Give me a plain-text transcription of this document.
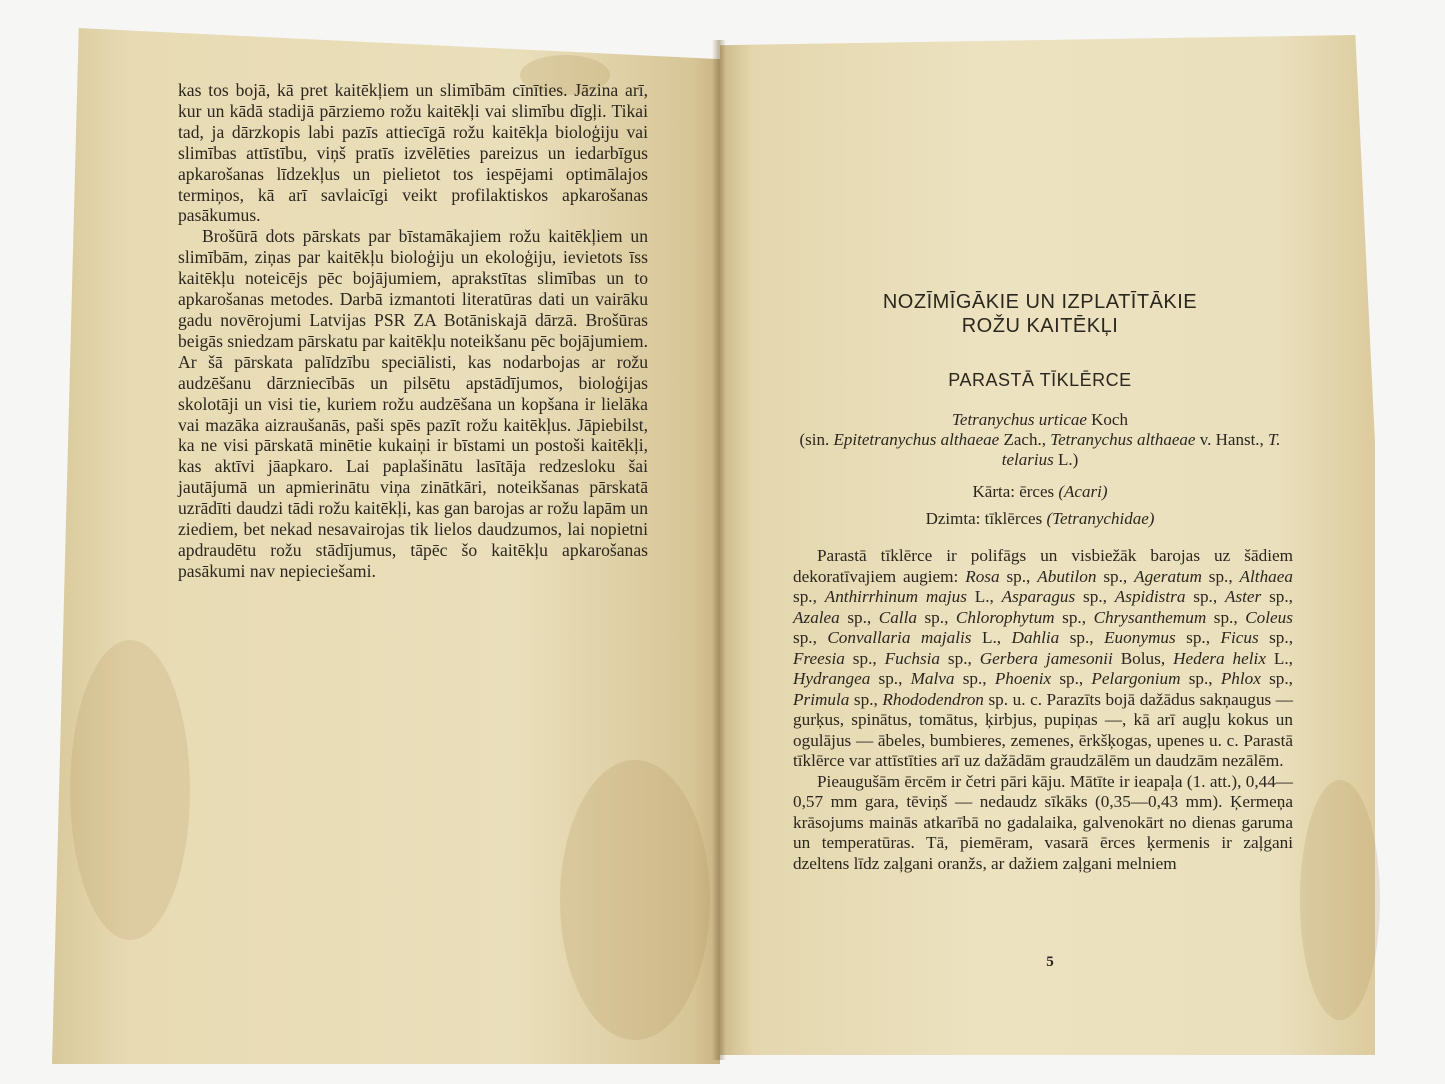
kas tos bojā, kā pret kaitēkļiem un slimībām cīnīties. Jāzina arī, kur un kādā stadijā pārziemo rožu kaitēkļi vai slimību dīgļi. Tikai tad, ja dārzkopis labi pazīs attiecīgā rožu kaitēkļa bioloģiju vai slimības attīstību, viņš pratīs izvēlēties pareizus un iedarbīgus apkarošanas līdzekļus un pielietot tos iespējami optimālajos termiņos, kā arī savlaicīgi veikt profilaktiskos apkarošanas pasākumus.

Brošūrā dots pārskats par bīstamākajiem rožu kaitēkļiem un slimībām, ziņas par kaitēkļu bioloģiju un ekoloģiju, ievietots īss kaitēkļu noteicējs pēc bojājumiem, aprakstītas slimības un to apkarošanas metodes. Darbā izmantoti literatūras dati un vairāku gadu novērojumi Latvijas PSR ZA Botāniskajā dārzā. Brošūras beigās sniedzam pārskatu par kaitēkļu noteikšanu pēc bojājumiem. Ar šā pārskata palīdzību speciālisti, kas nodarbojas ar rožu audzēšanu dārzniecībās un pilsētu apstādījumos, bioloģijas skolotāji un visi tie, kuriem rožu audzēšana un kopšana ir lielāka vai mazāka aizraušanās, paši spēs pazīt rožu kaitēkļus. Jāpiebilst, ka ne visi pārskatā minētie kukaiņi ir bīstami un postoši kaitēkļi, kas aktīvi jāapkaro. Lai paplašinātu lasītāja redzesloku šai jautājumā un apmierinātu viņa zinātkāri, noteikšanas pārskatā uzrādīti daudzi tādi rožu kaitēkļi, kas gan barojas ar rožu lapām un ziediem, bet nekad nesavairojas tik lielos daudzumos, lai nopietni apdraudētu rožu stādījumus, tāpēc šo kaitēkļu apkarošanas pasākumi nav nepieciešami.

NOZĪMĪGĀKIE UN IZPLATĪTĀKIE
ROŽU KAITĒKĻI
PARASTĀ TĪKLĒRCE
Tetranychus urticae Koch
(sin. Epitetranychus althaeae Zach., Tetranychus althaeae v. Hanst., T. telarius L.)
Kārta: ērces (Acari)
Dzimta: tīklērces (Tetranychidae)

Parastā tīklērce ir polifāgs un visbiežāk barojas uz šādiem dekoratīvajiem augiem: Rosa sp., Abutilon sp., Ageratum sp., Althaea sp., Anthirrhinum majus L., Asparagus sp., Aspidistra sp., Aster sp., Azalea sp., Calla sp., Chlorophytum sp., Chrysanthemum sp., Coleus sp., Convallaria majalis L., Dahlia sp., Euonymus sp., Ficus sp., Freesia sp., Fuchsia sp., Gerbera jamesonii Bolus, Hedera helix L., Hydrangea sp., Malva sp., Phoenix sp., Pelargonium sp., Phlox sp., Primula sp., Rhododendron sp. u. c. Parazīts bojā dažādus sakņaugus — gurķus, spinātus, tomātus, ķirbjus, pupiņas —, kā arī augļu kokus un ogulājus — ābeles, bumbieres, zemenes, ērkšķogas, upenes u. c. Parastā tīklērce var attīstīties arī uz dažādām graudzālēm un daudzām nezālēm.

Pieaugušām ērcēm ir četri pāri kāju. Mātīte ir ieapaļa (1. att.), 0,44—0,57 mm gara, tēviņš — nedaudz sīkāks (0,35—0,43 mm). Ķermeņa krāsojums mainās atkarībā no gadalaika, galvenokārt no dienas garuma un temperatūras. Tā, piemēram, vasarā ērces ķermenis ir zaļgani dzeltens līdz zaļgani oranžs, ar dažiem zaļgani melniem

5
